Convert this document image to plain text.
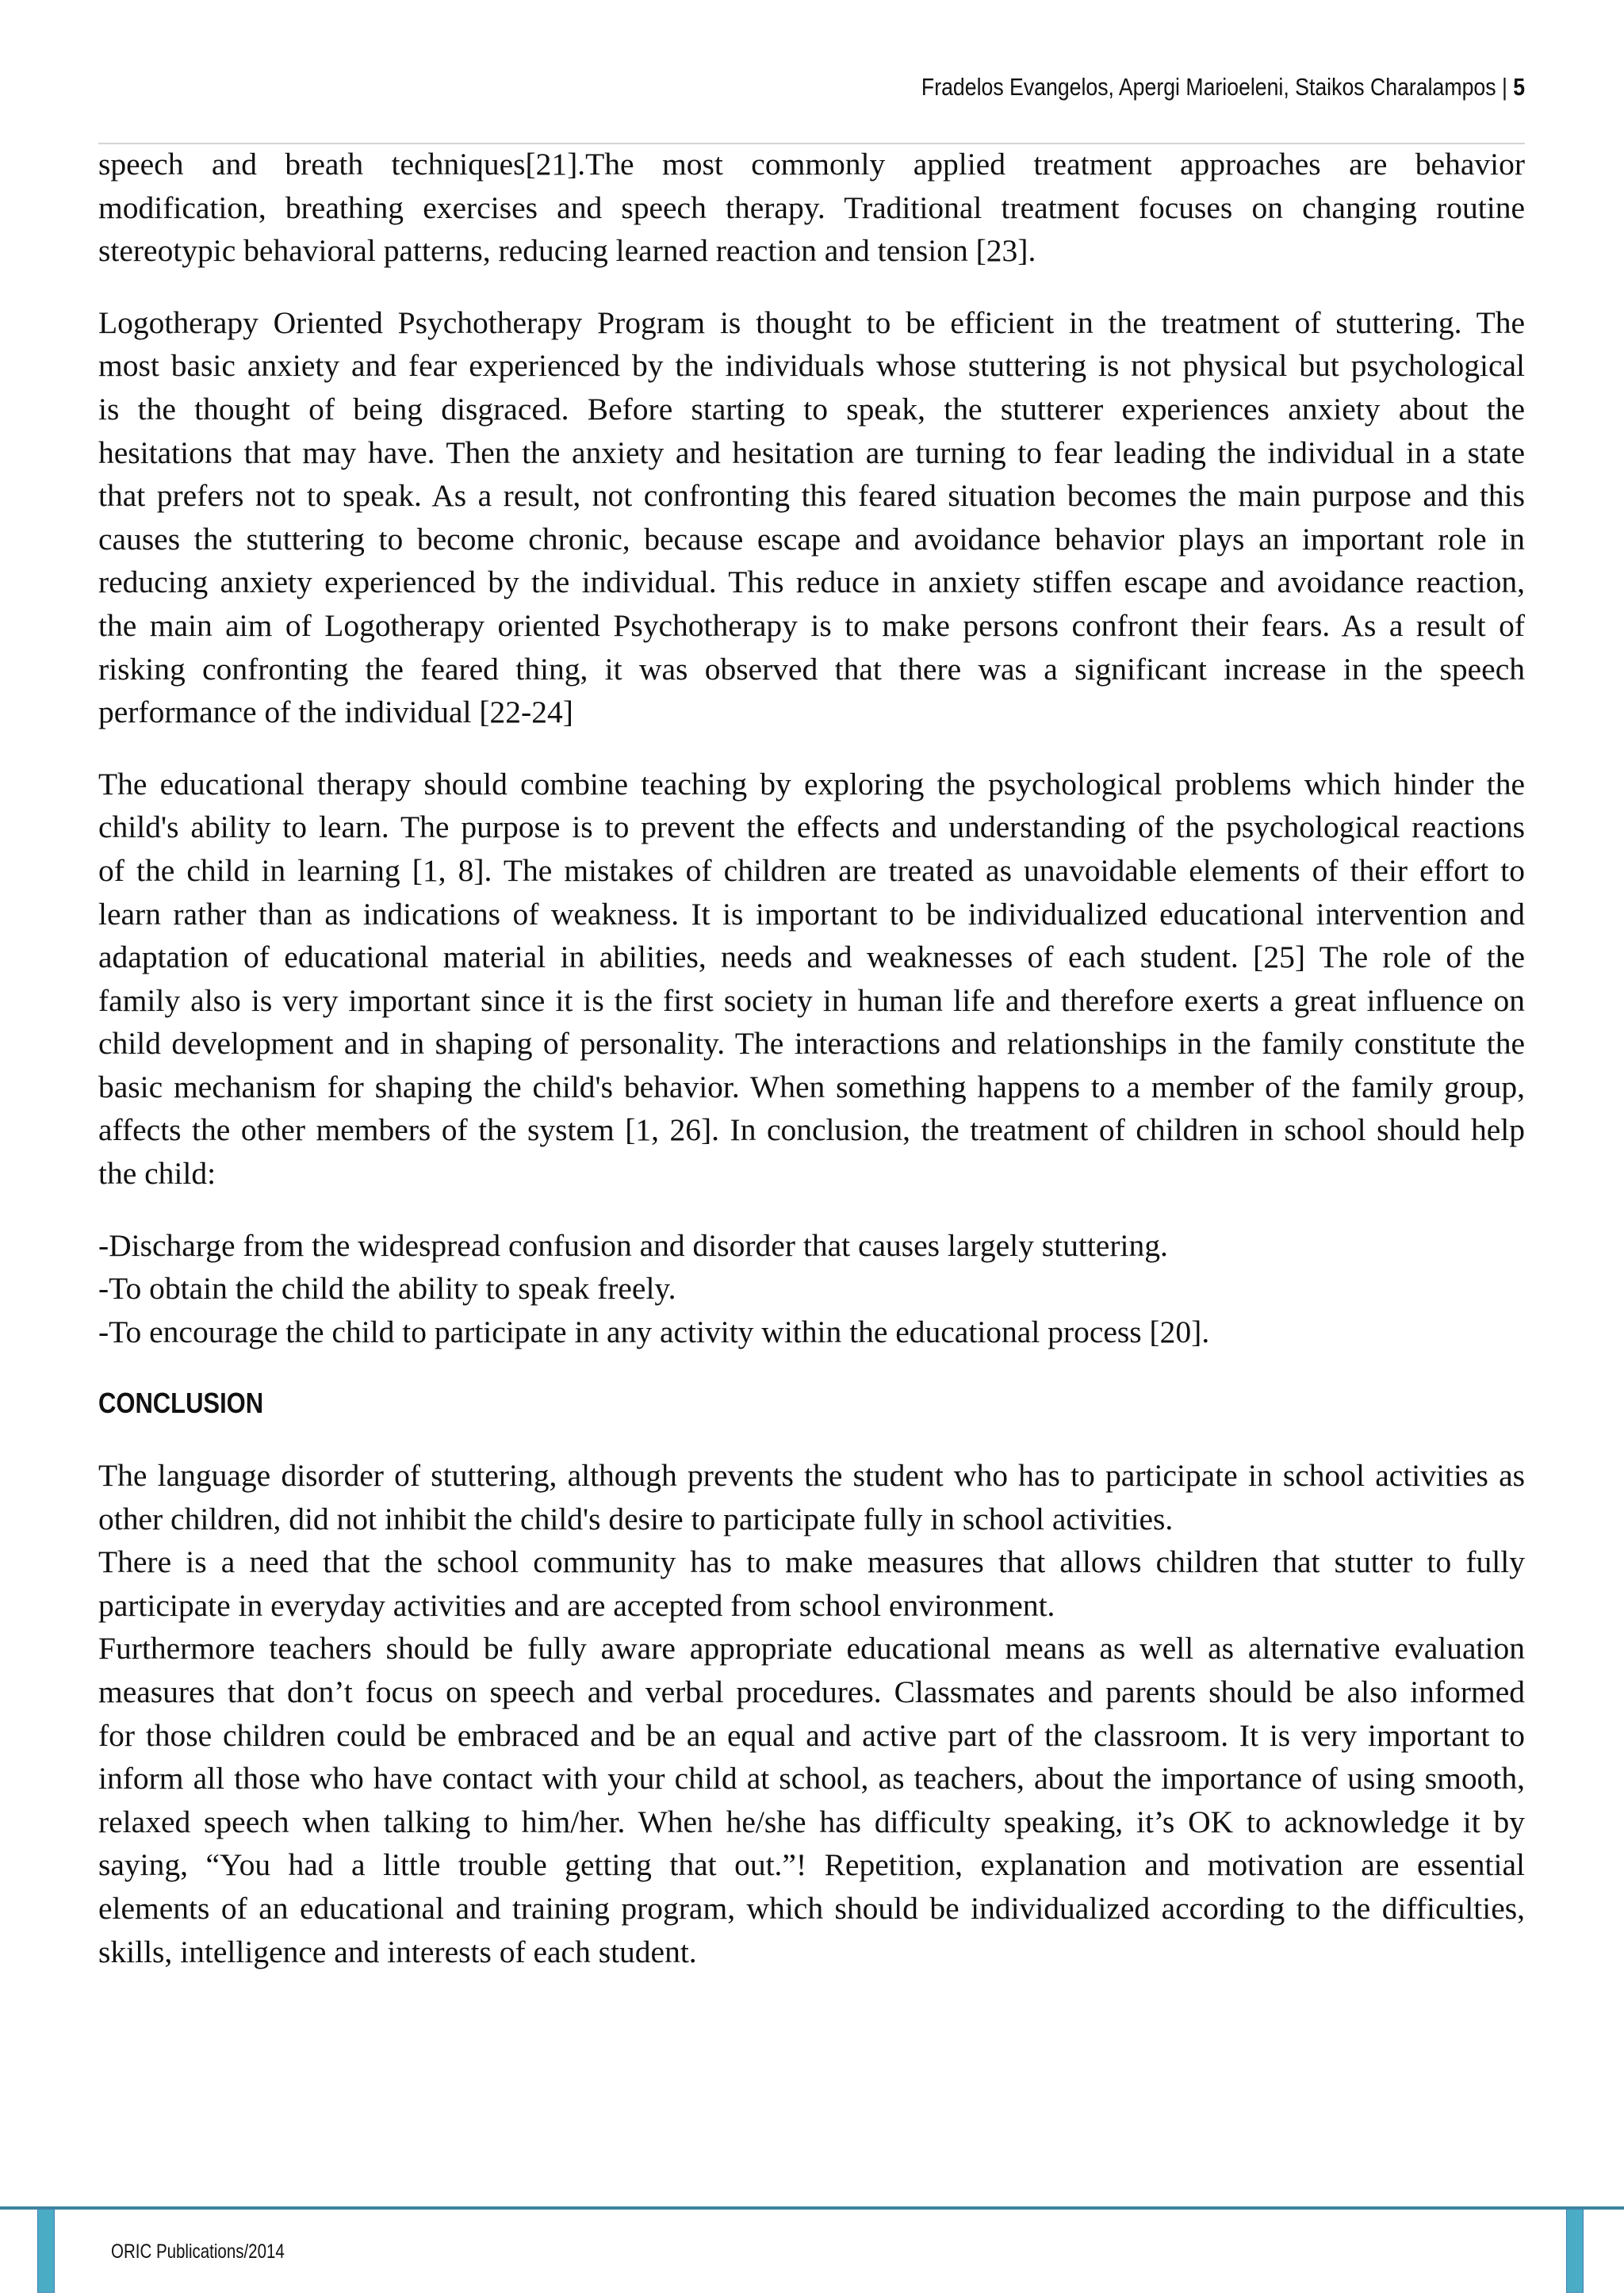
Fradelos Evangelos, Apergi Marioeleni, Staikos Charalampos | 5
speech and breath techniques[21].The most commonly applied treatment approaches are behavior
modification, breathing exercises and speech therapy. Traditional treatment focuses on changing routine
stereotypic behavioral patterns, reducing learned reaction and tension [23].
Logotherapy Oriented Psychotherapy Program is thought to be efficient in the treatment of stuttering. The
most basic anxiety and fear experienced by the individuals whose stuttering is not physical but psychological
is the thought of being disgraced. Before starting to speak, the stutterer experiences anxiety about the
hesitations that may have. Then the anxiety and hesitation are turning to fear leading the individual in a state
that prefers not to speak. As a result, not confronting this feared situation becomes the main purpose and this
causes the stuttering to become chronic, because escape and avoidance behavior plays an important role in
reducing anxiety experienced by the individual. This reduce in anxiety stiffen escape and avoidance reaction,
the main aim of Logotherapy oriented Psychotherapy is to make persons confront their fears. As a result of
risking confronting the feared thing, it was observed that there was a significant increase in the speech
performance of the individual [22-24]
The educational therapy should combine teaching by exploring the psychological problems which hinder the
child's ability to learn. The purpose is to prevent the effects and understanding of the psychological reactions
of the child in learning [1, 8]. The mistakes of children are treated as unavoidable elements of their effort to
learn rather than as indications of weakness. It is important to be individualized educational intervention and
adaptation of educational material in abilities, needs and weaknesses of each student. [25] The role of the
family also is very important since it is the first society in human life and therefore exerts a great influence on
child development and in shaping of personality. The interactions and relationships in the family constitute the
basic mechanism for shaping the child's behavior. When something happens to a member of the family group,
affects the other members of the system [1, 26]. In conclusion, the treatment of children in school should help
the child:
-Discharge from the widespread confusion and disorder that causes largely stuttering.
-To obtain the child the ability to speak freely.
-To encourage the child to participate in any activity within the educational process [20].
CONCLUSION
The language disorder of stuttering, although prevents the student who has to participate in school activities as
other children, did not inhibit the child's desire to participate fully in school activities.
There is a need that the school community has to make measures that allows children that stutter to fully
participate in everyday activities and are accepted from school environment.
Furthermore teachers should be fully aware appropriate educational means as well as alternative evaluation
measures that don’t focus on speech and verbal procedures. Classmates and parents should be also informed
for those children could be embraced and be an equal and active part of the classroom. It is very important to
inform all those who have contact with your child at school, as teachers, about the importance of using smooth,
relaxed speech when talking to him/her. When he/she has difficulty speaking, it’s OK to acknowledge it by
saying, “You had a little trouble getting that out.”! Repetition, explanation and motivation are essential
elements of an educational and training program, which should be individualized according to the difficulties,
skills, intelligence and interests of each student.
ORIC Publications/2014
